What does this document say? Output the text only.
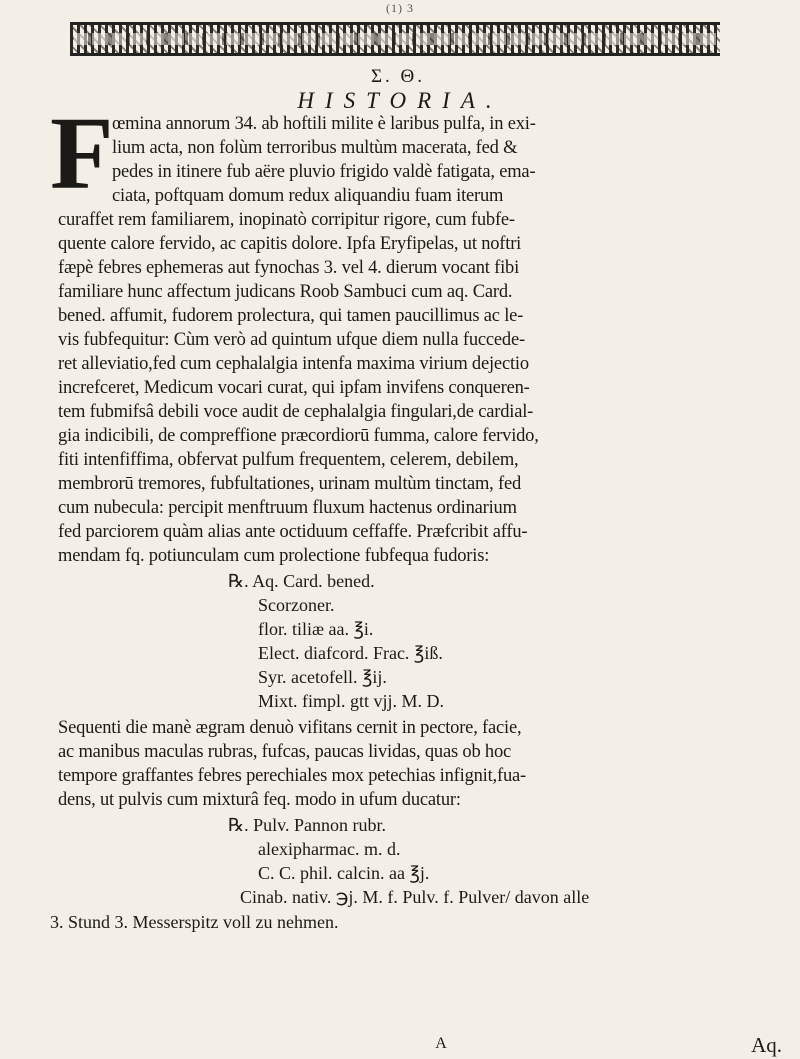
(1) 3
Σ. Θ.
HISTORIA.
F
œmina annorum 34. ab hoftili milite è laribus pulfa, in exi-
lium acta, non folùm terroribus multùm macerata, fed &
pedes in itinere fub aëre pluvio frigido valdè fatigata, ema-
ciata, poftquam domum redux aliquandiu fuam iterum
curaffet rem familiarem, inopinatò corripitur rigore, cum fubfe-
quente calore fervido, ac capitis dolore. Ipfa Eryfipelas, ut noftri
fæpè febres ephemeras aut fynochas 3. vel 4. dierum vocant fibi
familiare hunc affectum judicans Roob Sambuci cum aq. Card.
bened. affumit, fudorem prolectura, qui tamen paucillimus ac le-
vis fubfequitur: Cùm verò ad quintum ufque diem nulla fuccede-
ret alleviatio,fed cum cephalalgia intenfa maxima virium dejectio
increfceret, Medicum vocari curat, qui ipfam invifens conqueren-
tem fubmifsâ debili voce audit de cephalalgia fingulari,de cardial-
gia indicibili, de compreffione præcordiorū fumma, calore fervido,
fiti intenfiffima, obfervat pulfum frequentem, celerem, debilem,
membrorū tremores, fubfultationes, urinam multùm tinctam, fed
cum nubecula: percipit menftruum fluxum hactenus ordinarium
fed parciorem quàm alias ante octiduum ceffaffe. Præfcribit affu-
mendam fq. potiunculam cum prolectione fubfequa fudoris:
℞. Aq. Card. bened.
Scorzoner.
flor. tiliæ aa. ℥i.
Elect. diafcord. Frac. ℥iß.
Syr. acetofell. ℥ij.
Mixt. fimpl. gtt vjj. M. D.
Sequenti die manè ægram denuò vifitans cernit in pectore, facie,
ac manibus maculas rubras, fufcas, paucas lividas, quas ob hoc
tempore graffantes febres perechiales mox petechias infignit,fua-
dens, ut pulvis cum mixturâ feq. modo in ufum ducatur:
℞. Pulv. Pannon rubr.
alexipharmac. m. d.
C. C. phil. calcin. aa ℥j.
Cinab. nativ. ℈j. M. f. Pulv. f. Pulver/ davon alle
3. Stund 3. Messerspitz voll zu nehmen.
A	Aq.
